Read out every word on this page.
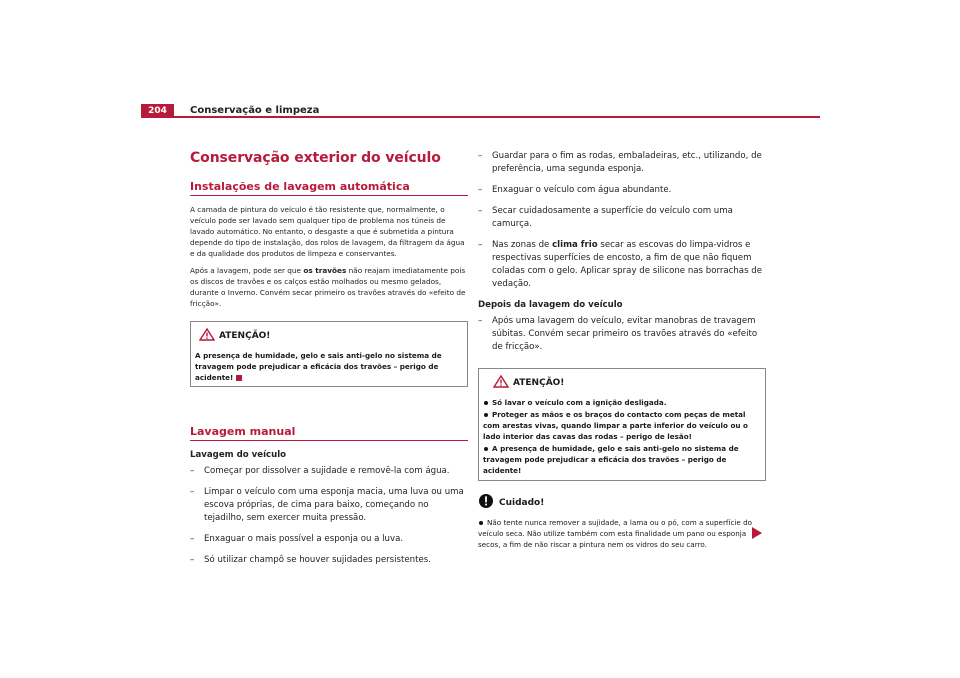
204	Conservação e limpeza
Conservação exterior do veículo
Instalações de lavagem automática

A camada de pintura do veículo é tão resistente que, normalmente, o veículo pode ser lavado sem qualquer tipo de problema nos túneis de lavado automático. No entanto, o desgaste a que é submetida a pintura depende do tipo de instalação, dos rolos de lavagem, da filtragem da água e da qualidade dos produtos de limpeza e conservantes.

Após a lavagem, pode ser que os travões não reajam imediatamente pois os discos de travões e os calços estão molhados ou mesmo gelados, durante o Inverno. Convém secar primeiro os travões através do «efeito de fricção».

ATENÇÃO!
A presença de humidade, gelo e sais anti-gelo no sistema de travagem pode prejudicar a eficácia dos travões – perigo de acidente!
Lavagem manual
Lavagem do veículo
– Começar por dissolver a sujidade e removê-la com água.
– Limpar o veículo com uma esponja macia, uma luva ou uma escova próprias, de cima para baixo, começando no tejadilho, sem exercer muita pressão.
– Enxaguar o mais possível a esponja ou a luva.
– Só utilizar champô se houver sujidades persistentes.
– Guardar para o fim as rodas, embaladeiras, etc., utilizando, de preferência, uma segunda esponja.
– Enxaguar o veículo com água abundante.
– Secar cuidadosamente a superfície do veículo com uma camurça.
– Nas zonas de clima frio secar as escovas do limpa-vidros e respectivas superfícies de encosto, a fim de que não fiquem coladas com o gelo. Aplicar spray de silicone nas borrachas de vedação.
Depois da lavagem do veículo
– Após uma lavagem do veículo, evitar manobras de travagem súbitas. Convém secar primeiro os travões através do «efeito de fricção».
ATENÇÃO!

Só lavar o veículo com a ignição desligada.

Proteger as mãos e os braços do contacto com peças de metal com arestas vivas, quando limpar a parte inferior do veículo ou o lado interior das cavas das rodas – perigo de lesão!

A presença de humidade, gelo e sais anti-gelo no sistema de travagem pode prejudicar a eficácia dos travões – perigo de acidente!

Cuidado!
Não tente nunca remover a sujidade, a lama ou o pó, com a superfície do veículo seca. Não utilize também com esta finalidade um pano ou esponja secos, a fim de não riscar a pintura nem os vidros do seu carro.
